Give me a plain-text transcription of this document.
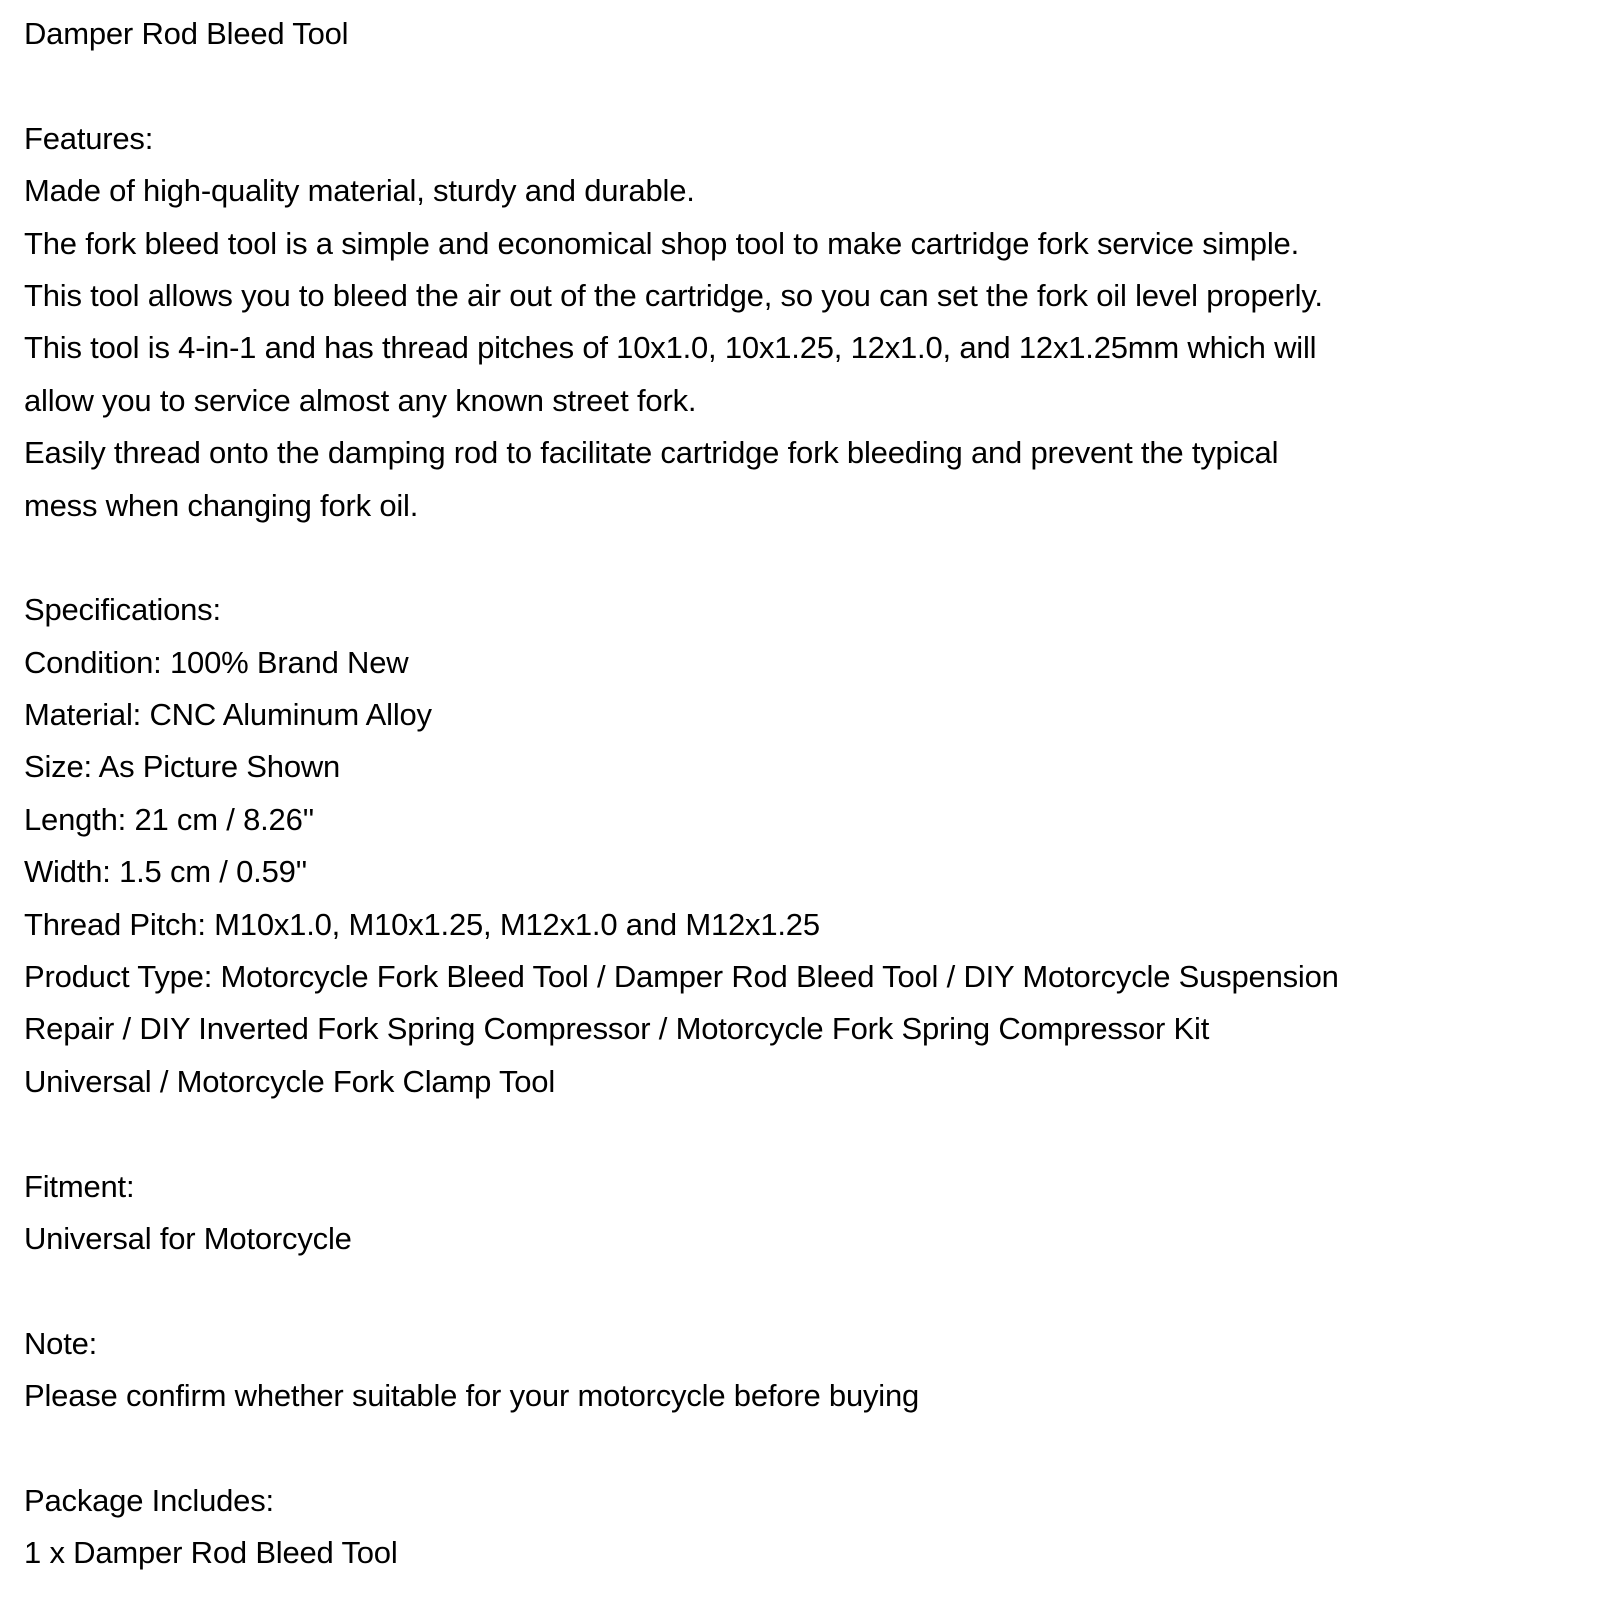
Damper Rod Bleed Tool
Features:
Made of high-quality material, sturdy and durable.
The fork bleed tool is a simple and economical shop tool to make cartridge fork service simple.
This tool allows you to bleed the air out of the cartridge, so you can set the fork oil level properly.
This tool is 4-in-1 and has thread pitches of 10x1.0, 10x1.25, 12x1.0, and 12x1.25mm which will
allow you to service almost any known street fork.
Easily thread onto the damping rod to facilitate cartridge fork bleeding and prevent the typical
mess when changing fork oil.
Specifications:
Condition: 100% Brand New
Material: CNC Aluminum Alloy
Size: As Picture Shown
Length: 21 cm / 8.26''
Width: 1.5 cm / 0.59''
Thread Pitch: M10x1.0, M10x1.25, M12x1.0 and M12x1.25
Product Type: Motorcycle Fork Bleed Tool / Damper Rod Bleed Tool / DIY Motorcycle Suspension
Repair / DIY Inverted Fork Spring Compressor / Motorcycle Fork Spring Compressor Kit
Universal / Motorcycle Fork Clamp Tool
Fitment:
Universal for Motorcycle
Note:
Please confirm whether suitable for your motorcycle before buying
Package Includes:
1 x Damper Rod Bleed Tool
